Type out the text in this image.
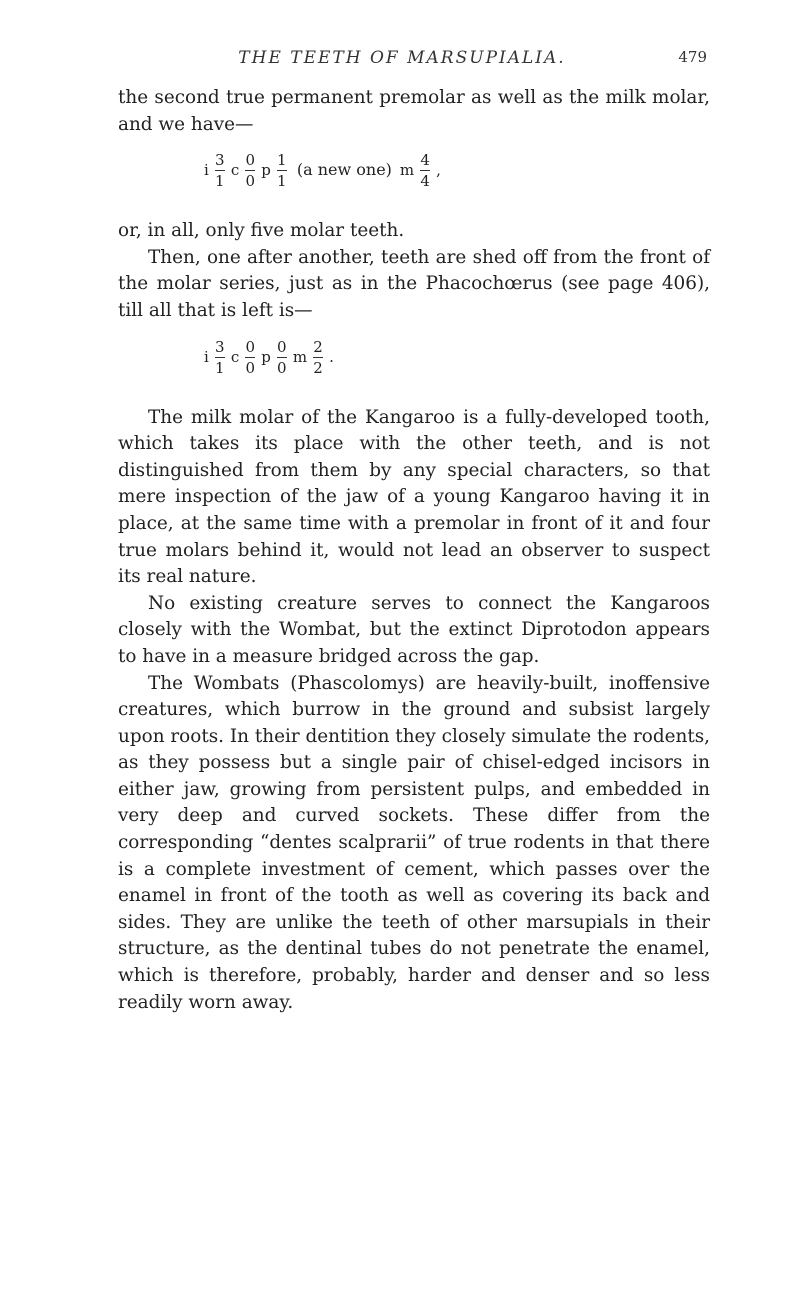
THE TEETH OF MARSUPIALIA.	479

the second true permanent premolar as well as the milk molar, and we have—

i $\frac{3}{1}$ c $\frac{0}{0}$ p $\frac{1}{1} (a$ new one) m $\frac{4}{4}$ ,

or, in all, only five molar teeth.

Then, one after another, teeth are shed off from the front of the molar series, just as in the Phacochœrus (see page 406), till all that is left is—

i $\frac{3}{1}$ c $\frac{0}{0}$ p $\frac{0}{0}$ m $\frac{2}{2}$ .

The milk molar of the Kangaroo is a fully-developed tooth, which takes its place with the other teeth, and is not distinguished from them by any special characters, so that mere inspection of the jaw of a young Kangaroo having it in place, at the same time with a premolar in front of it and four true molars behind it, would not lead an observer to suspect its real nature.

No existing creature serves to connect the Kangaroos closely with the Wombat, but the extinct Diprotodon appears to have in a measure bridged across the gap.

The Wombats (Phascolomys) are heavily-built, inoffensive creatures, which burrow in the ground and subsist largely upon roots. In their dentition they closely simulate the rodents, as they possess but a single pair of chisel-edged incisors in either jaw, growing from persistent pulps, and embedded in very deep and curved sockets. These differ from the corresponding “dentes scalprarii” of true rodents in that there is a complete investment of cement, which passes over the enamel in front of the tooth as well as covering its back and sides. They are unlike the teeth of other marsupials in their structure, as the dentinal tubes do not penetrate the enamel, which is therefore, probably, harder and denser and so less readily worn away.
